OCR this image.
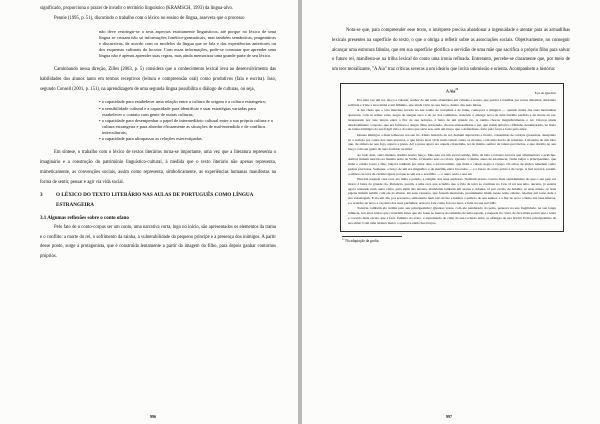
significado, proporciona o prazer de invadir o território linguístico (KRAMSCH, 1993) da língua-alvo.

Pennie (1995, p. 51), discutindo o trabalho com o léxico no ensino de língua, assevera que o processo

não deve restringir-se a seus aspectos estritamente linguísticos, até porque no léxico de uma língua se cruzam não só informações fonético-gramaticais, mas também semânticas, pragmáticas e discursivas, de acordo com os modelos da língua que se fala e das experiências anteriores ou dos esquemas culturais do locutor. Com essas informações, pode-se constatar que aprender uma língua não é apenas aprender suas regras, mas ainda memorizar uma grande parte de seu léxico.

Caminhando nessa direção, Zilles (2003, p. 5) considera que o conhecimento lexical leva ao desenvolvimento das habilidades dos alunos tanto em termos receptivos (leitura e compreensão oral) como produtivos (fala e escrita). Isso, segundo Consell (2001, p. 151), na aprendizagem de uma segunda língua possibilita o diálogo de culturas, ou seja,

• a capacidade para estabelecer uma relação entre a cultura de origem e a cultura estrangeira;
• a sensibilidade cultural e a capacidade para identificar e usar estratégias variadas para estabelecer o contato com gente de outras culturas;
• a capacidade para desempenhar o papel de intermediário cultural entre a sua própria cultura e a cultura estrangeira e para abordar eficazmente as situações de mal-entendido e de conflitos interculturais;
• a capacidade para ultrapassar as relações estereotipadas.

Em síntese, o trabalho com o léxico de textos literários torna-se importante, uma vez que a literatura representa o imaginário e a construção do patrimônio linguístico-cultural, à medida que o texto literário não apenas representa, mimeticamente, as convenções sociais, assim como representa, simbolicamente, as experiências humanas manifestas na forma de sentir, pensar e agir via vida social.

3	O LÉXICO DO TEXTO LITERÁRIO NAS AULAS DE PORTUGUÊS COMO LÍNGUA ESTRANGEIRA
3.1 Algumas reflexões sobre o conto ofano

Pelo fato de o conto-corpus ser um conto, uma narrativa curta, logo no início, são apresentados os elementos da trama e o conflito: a morte do rei, o sofrimento da rainha, a vulnerabilidade do pequeno príncipe e a presença dos inimigos. A partir desse ponto, surge a protagonista, que é construída lentamente a partir da imagem do filho, para depois ganhar contornos próprios.

996

Nota-se que, para compreender esse texto, o intérprete precisa abandonar a ingenuidade e atentar para as armadilhas lexicais presentes na superfície do texto, o que o obriga a refletir sobre as associações sociais. Objetivamente, no conseguir alcançar uma estrutura fabular, que em sua superfície glorifica a servidão de uma mãe que sacrifica o próprio filho para salvar o futuro rei, manifesta-se na trilha lexical do conto uma ironia refinada. Entretanto, percebe-se claramente que, por meio de um teor moralizante, "A Aia" traz críticas severas a um ideário que incita submissão e orienta. Acompanhem a história:

A Aia$^{22}$
Eça de Queirós

Era uma vez um rei, moço e valente, senhor de um reino abundante em cidades e searas, que partira a batalhar por terras distantes, deixando solitária e triste a sua rainha e um filhinho, que ainda vivia no seu berço, dentro das suas faixas.

A lua cheia que o vira marchar, levado no seu sonho de conquista e de fama, começava a minguar — quando numa das suas montanhas apareceu, com as armas rotas, negro de sangue seco e do pó dos caminhos, trazendo a amarga nova da uma batalha perdida e da morte do rei, trespassado por sete lanças entre a flor da sua nobreza, à beira de um grande rio. A rainha chorou magnificamente o rei. Chorou ainda desoladamente o esposo, que era formoso e alegre. Mas, sobretudo, chorou ansiosamente o pai, que assim deixava o filhinho desamparado, no meio de tantos inimigos da sua frágil vida e do reino que seria seu, sem um braço que o defendesse, forte pela força e forte pelo amor.

Desses inimigos o mais temeroso era seu tio, irmão bastardo do rei, homem depravado e bravio, consumido de cobiças grosseiras, desejando só a realeza por causa dos seus tesouros, e que havia anos vivia num castelo sobre os montes, com uma horda de rebeldes, à maneira de um lobo que, de atalaia no seu fojo, espera a presa. Ai! a presa agora era aquela criancinha, rei de mama, senhor de tantas províncias, e que dormia no seu berço com seu guizo de ouro fechado na mão!

Ao lado dele, outro menino dormia noutro berço. Mas este era um escravozinho, filho da bela e robusta escrava que amamentava o príncipe. Ambos tinham nascido na mesma noite de Verão. O mesmo seio os criava. Quando a rainha, antes de adormecer, vinha beijar o principezinho, que tinha o cabelo louro e fino, beijava também por amor dele o escravozinho, que tinha o cabelo negro e crespo. Os olhos de ambos reluziam como pedras preciosas. Somente, o berço de um era magnífico e de marfim, entre brocados — e o berço do outro pobre e de verga. A leal escrava, porém, a ambos cercava de carinho igual, porque se um era o seu filho — o outro seria o seu rei.

Nascida naquela casa real, ela tinha a paixão, a religião dos seus senhores. Nenhum pranto correra mais sentidamente do que o seu pelo rei morto à beira do grande rio. Pertencia, porém, a uma raça que acredita que a vida da terra se continua no Céu. O rei seu amo, decerto, já estaria agora reinando num outro reino, para além das nuvens, abundante também em searas e cidades. O seu cavalo de batalha, as suas armas, os seus pajens tinham subido com ele às alturas. Os seus vassalos, que fossem morrendo, prontamente iriam, nesse reino celeste, retomar em torno dele a sua vassalagem. E ela um dia, por seu turno, remontaria num raio de luz a habitar o palácio do seu senhor, e a fiar de novo o linho das suas túnicas, e a acender de novo a caçoleta dos seus perfumes; seria no Céu como fora na terra, e feliz na sua servidão.

Todavia, também ela tremia pelo seu principezinho! Quantas vezes, com ele pendurado do peito, pensava na sua fragilidade, na sua longa infância, nos anos lentos que correriam antes que ele fosse ao menos do tamanho de uma espada, e naquele tio cruel, de face mais escura que a noite e coração mais escuro que a face, faminto do trono, e espreitando de cima do seu rochedo entre os alfanges da sua horda! Pobre principezinho da sua alma! Com uma ternura maior o apertava então nos braços.

$^{22}$ Na adaptação da grafia.
997
